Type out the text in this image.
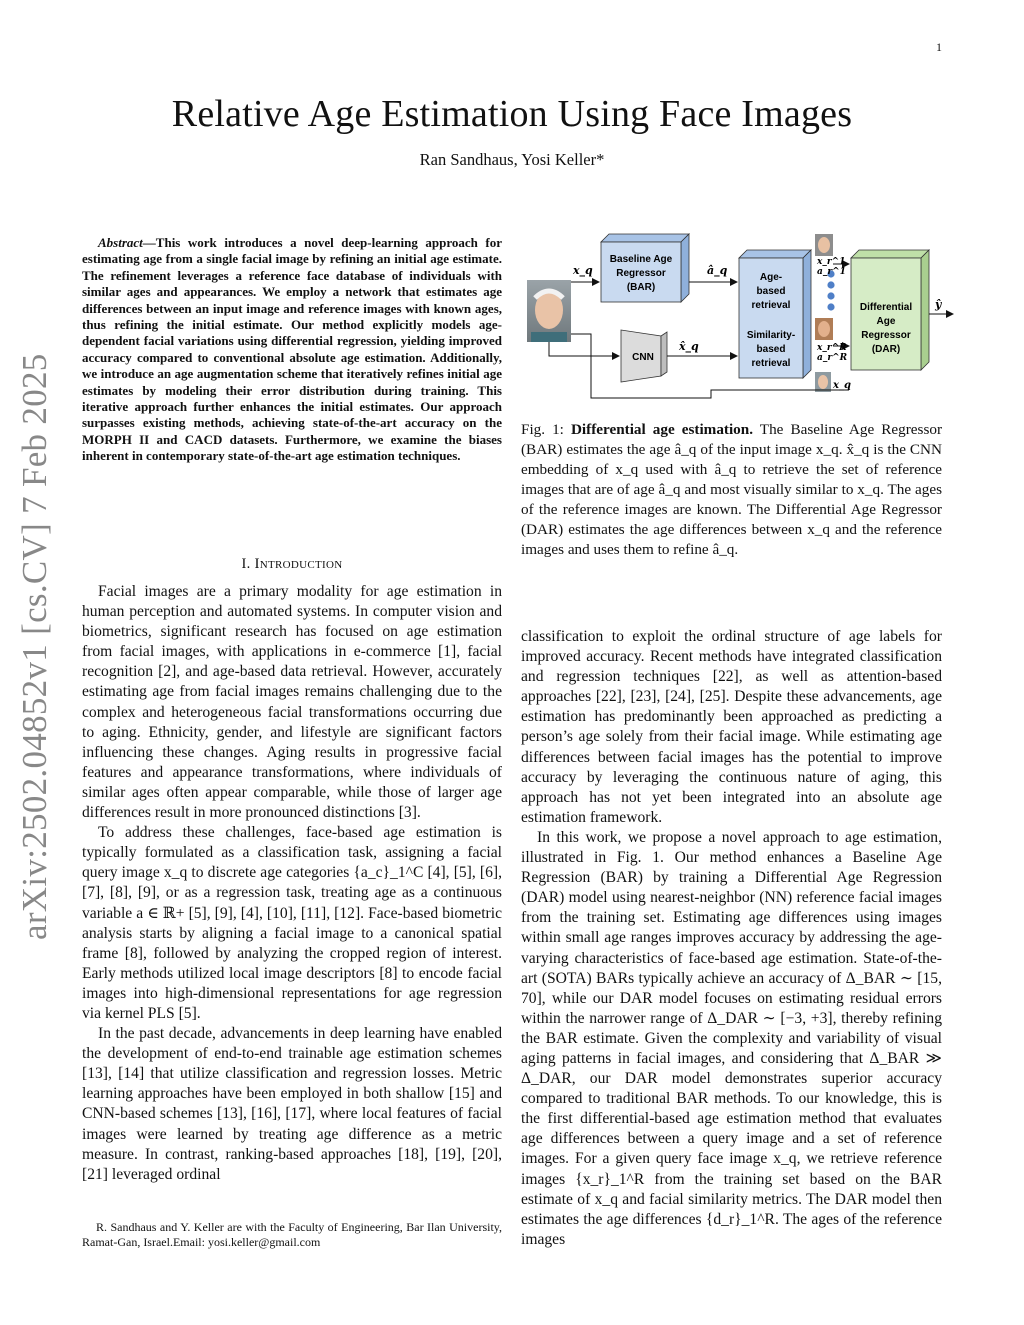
1
Relative Age Estimation Using Face Images
Ran Sandhaus, Yosi Keller*
arXiv:2502.04852v1 [cs.CV] 7 Feb 2025
Abstract—This work introduces a novel deep-learning approach for estimating age from a single facial image by refining an initial age estimate. The refinement leverages a reference face database of individuals with similar ages and appearances. We employ a network that estimates age differences between an input image and reference images with known ages, thus refining the initial estimate. Our method explicitly models age-dependent facial variations using differential regression, yielding improved accuracy compared to conventional absolute age estimation. Additionally, we introduce an age augmentation scheme that iteratively refines initial age estimates by modeling their error distribution during training. This iterative approach further enhances the initial estimates. Our approach surpasses existing methods, achieving state-of-the-art accuracy on the MORPH II and CACD datasets. Furthermore, we examine the biases inherent in contemporary state-of-the-art age estimation techniques.
I. Introduction

Facial images are a primary modality for age estimation in human perception and automated systems. In computer vision and biometrics, significant research has focused on age estimation from facial images, with applications in e-commerce [1], facial recognition [2], and age-based data retrieval. However, accurately estimating age from facial images remains challenging due to the complex and heterogeneous facial transformations occurring due to aging. Ethnicity, gender, and lifestyle are significant factors influencing these changes. Aging results in progressive facial features and appearance transformations, where individuals of similar ages often appear comparable, while those of larger age differences result in more pronounced distinctions [3].

To address these challenges, face-based age estimation is typically formulated as a classification task, assigning a facial query image x_q to discrete age categories {a_c}_1^C [4], [5], [6], [7], [8], [9], or as a regression task, treating age as a continuous variable a ∈ ℝ+ [5], [9], [4], [10], [11], [12]. Face-based biometric analysis starts by aligning a facial image to a canonical spatial frame [8], followed by analyzing the cropped region of interest. Early methods utilized local image descriptors [8] to encode facial images into high-dimensional representations for age regression via kernel PLS [5].

In the past decade, advancements in deep learning have enabled the development of end-to-end trainable age estimation schemes [13], [14] that utilize classification and regression losses. Metric learning approaches have been employed in both shallow [15] and CNN-based schemes [13], [16], [17], where local features of facial images were learned by treating age difference as a metric measure. In contrast, ranking-based approaches [18], [19], [20], [21] leveraged ordinal

R. Sandhaus and Y. Keller are with the Faculty of Engineering, Bar Ilan University, Ramat-Gan, Israel.Email: yosi.keller@gmail.com
Baseline Age
Regressor
(BAR)
CNN
Age-
based
retrieval
Similarity-
based
retrieval
Differential
Age
Regressor
(DAR)
x_q	â_q
x̂_q
x_r^1
a_r^1
x_r^R
a_r^R
x_q
ŷ
Fig. 1: Differential age estimation. The Baseline Age Regressor (BAR) estimates the age â_q of the input image x_q. x̂_q is the CNN embedding of x_q used with â_q to retrieve the set of reference images that are of age â_q and most visually similar to x_q. The ages of the reference images are known. The Differential Age Regressor (DAR) estimates the age differences between x_q and the reference images and uses them to refine â_q.

classification to exploit the ordinal structure of age labels for improved accuracy. Recent methods have integrated classification and regression techniques [22], as well as attention-based approaches [22], [23], [24], [25]. Despite these advancements, age estimation has predominantly been approached as predicting a person’s age solely from their facial image. While estimating age differences between facial images has the potential to improve accuracy by leveraging the continuous nature of aging, this approach has not yet been integrated into an absolute age estimation framework.

In this work, we propose a novel approach to age estimation, illustrated in Fig. 1. Our method enhances a Baseline Age Regression (BAR) by training a Differential Age Regression (DAR) model using nearest-neighbor (NN) reference facial images from the training set. Estimating age differences using images within small age ranges improves accuracy by addressing the age-varying characteristics of face-based age estimation. State-of-the-art (SOTA) BARs typically achieve an accuracy of Δ_BAR ∼ [15, 70], while our DAR model focuses on estimating residual errors within the narrower range of Δ_DAR ∼ [−3, +3], thereby refining the BAR estimate. Given the complexity and variability of visual aging patterns in facial images, and considering that Δ_BAR ≫ Δ_DAR, our DAR model demonstrates superior accuracy compared to traditional BAR methods. To our knowledge, this is the first differential-based age estimation method that evaluates age differences between a query image and a set of reference images. For a given query face image x_q, we retrieve reference images {x_r}_1^R from the training set based on the BAR estimate of x_q and facial similarity metrics. The DAR model then estimates the age differences {d_r}_1^R. The ages of the reference images
